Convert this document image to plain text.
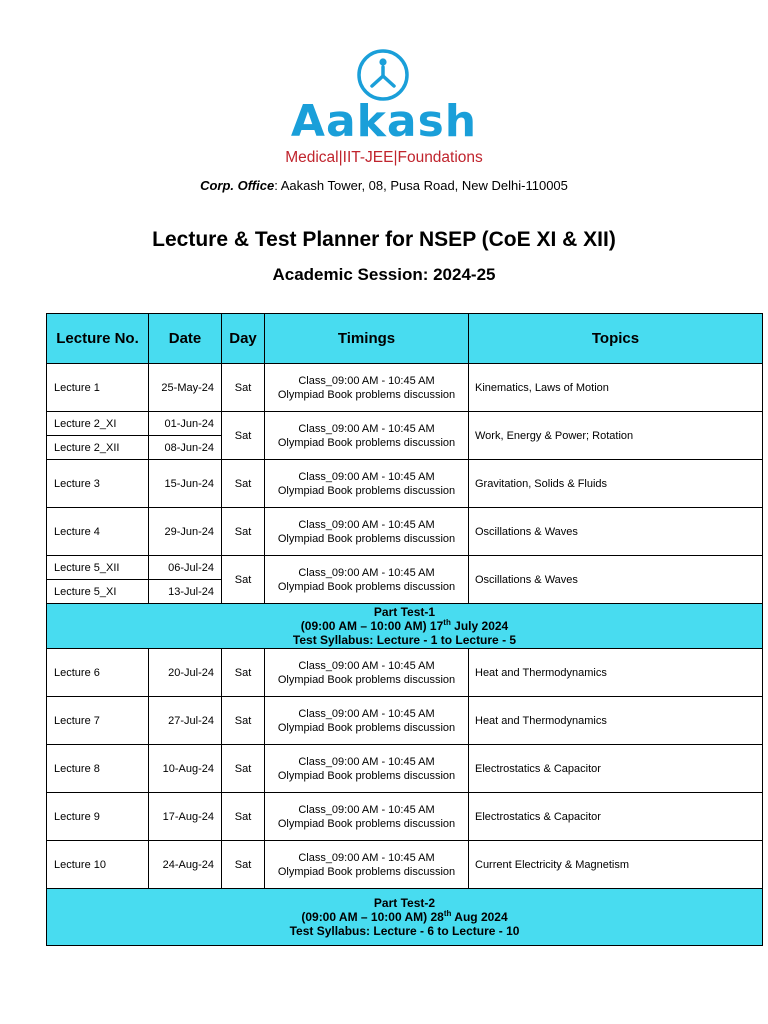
Aakash
Medical|IIT-JEE|Foundations
Corp. Office: Aakash Tower, 08, Pusa Road, New Delhi-110005
Lecture & Test Planner for NSEP (CoE XI & XII)
Academic Session: 2024-25
Lecture No.	Date	Day	Timings	Topics
Lecture 1	25-May-24	Sat	Class_09:00 AM - 10:45 AM
Olympiad Book problems discussion	Kinematics, Laws of Motion
Lecture 2_XI	01-Jun-24	Sat	Class_09:00 AM - 10:45 AM
Olympiad Book problems discussion	Work, Energy & Power; Rotation
Lecture 2_XII	08-Jun-24			
Lecture 3	15-Jun-24	Sat	Class_09:00 AM - 10:45 AM
Olympiad Book problems discussion	Gravitation, Solids & Fluids
Lecture 4	29-Jun-24	Sat	Class_09:00 AM - 10:45 AM
Olympiad Book problems discussion	Oscillations & Waves
Lecture 5_XII	06-Jul-24	Sat	Class_09:00 AM - 10:45 AM
Olympiad Book problems discussion	Oscillations & Waves
Lecture 5_XI	13-Jul-24			

Part Test-1
(09:00 AM – 10:00 AM) 17th July 2024
Test Syllabus: Lecture - 1 to Lecture - 5				

Lecture 6	20-Jul-24	Sat	Class_09:00 AM - 10:45 AM
Olympiad Book problems discussion	Heat and Thermodynamics
Lecture 7	27-Jul-24	Sat	Class_09:00 AM - 10:45 AM
Olympiad Book problems discussion	Heat and Thermodynamics
Lecture 8	10-Aug-24	Sat	Class_09:00 AM - 10:45 AM
Olympiad Book problems discussion	Electrostatics & Capacitor
Lecture 9	17-Aug-24	Sat	Class_09:00 AM - 10:45 AM
Olympiad Book problems discussion	Electrostatics & Capacitor
Lecture 10	24-Aug-24	Sat	Class_09:00 AM - 10:45 AM
Olympiad Book problems discussion	Current Electricity & Magnetism

Part Test-2
(09:00 AM – 10:00 AM) 28th Aug 2024
Test Syllabus: Lecture - 6 to Lecture - 10				
